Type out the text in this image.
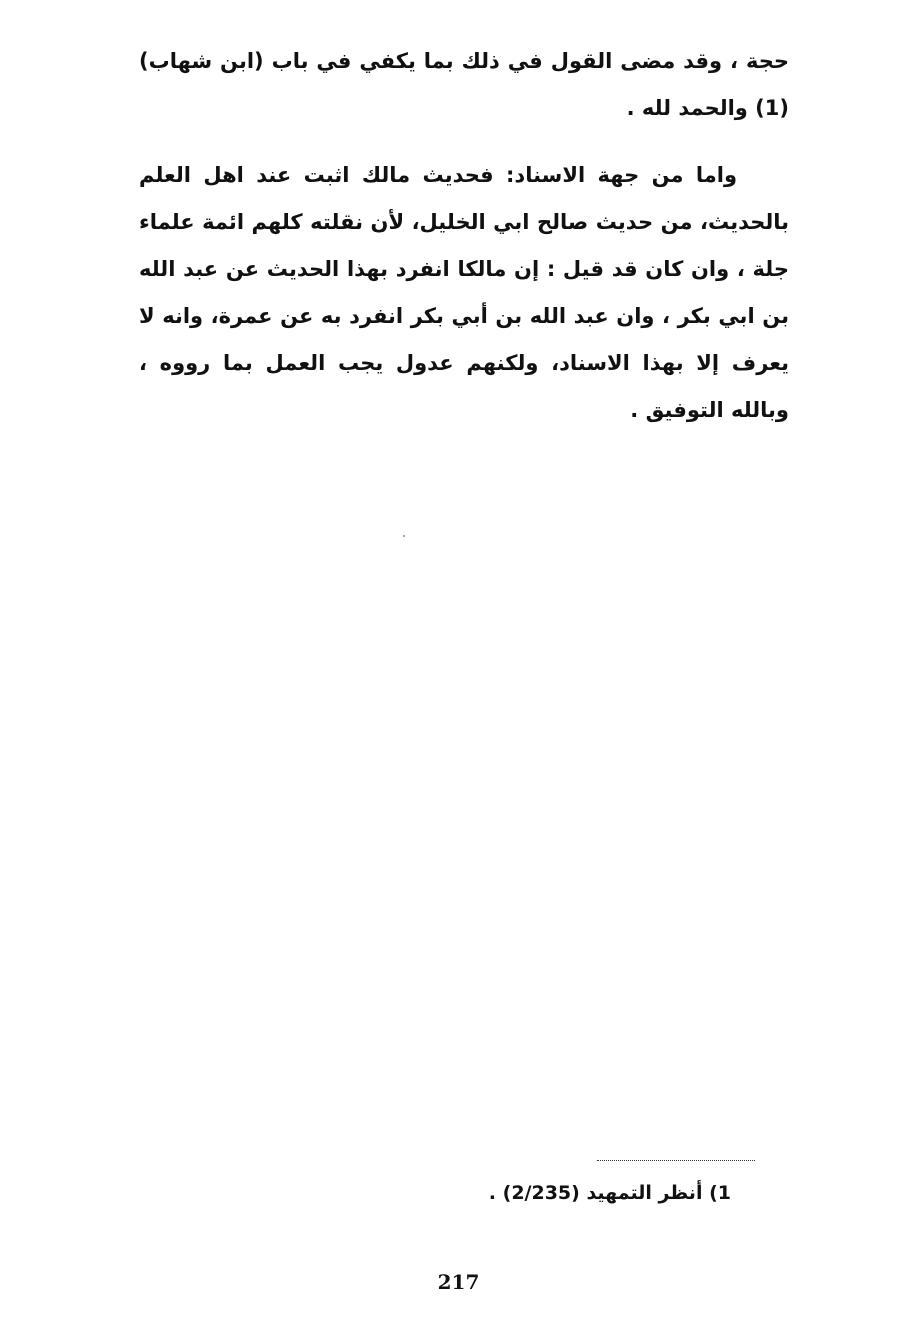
حجة ، وقد مضى القول في ذلك بما يكفي في باب (ابن شهاب) (1) والحمد لله .

واما من جهة الاسناد: فحديث مالك اثبت عند اهل العلم بالحديث، من حديث صالح ابي الخليل، لأن نقلته كلهم ائمة علماء جلة ، وان كان قد قيل : إن مالكا انفرد بهذا الحديث عن عبد الله بن ابي بكر ، وان عبد الله بن أبي بكر انفرد به عن عمرة، وانه لا يعرف إلا بهذا الاسناد، ولكنهم عدول يجب العمل بما رووه ، وبالله التوفيق .

1) أنظر التمهيد (2/235) .

217
